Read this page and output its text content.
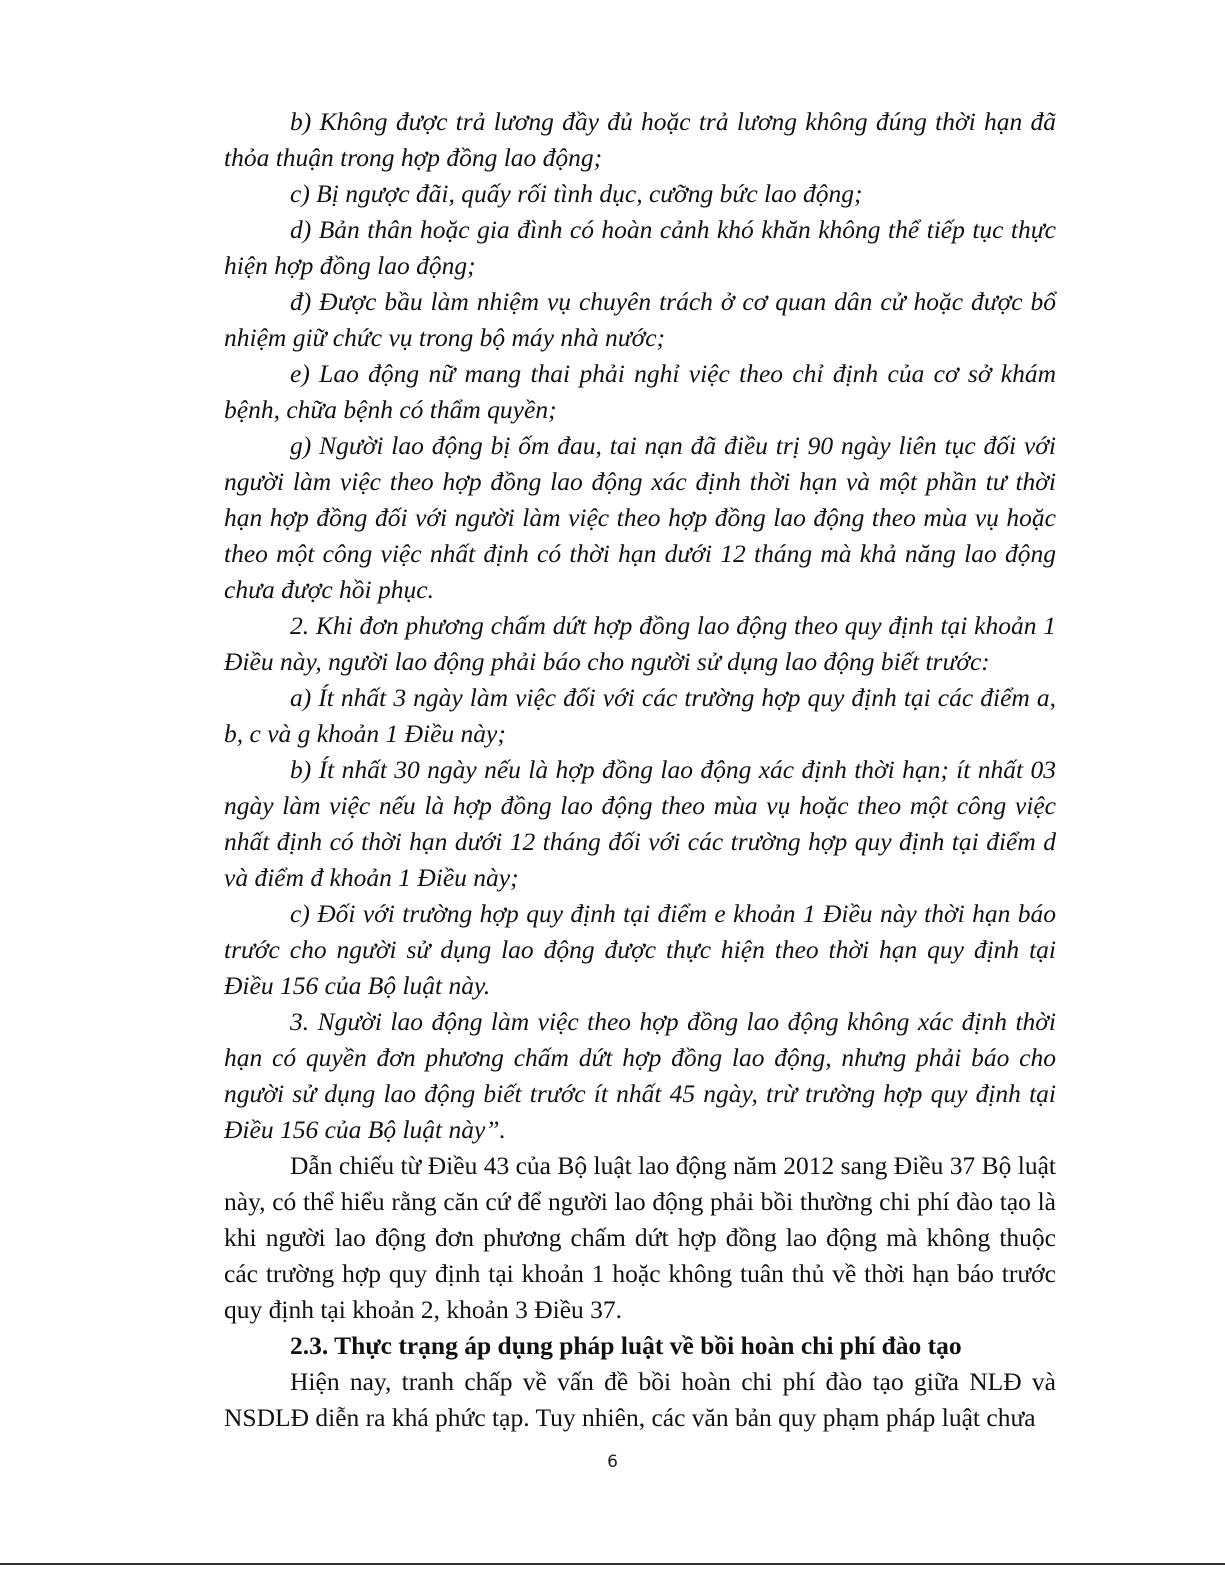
b) Không được trả lương đầy đủ hoặc trả lương không đúng thời hạn đã thỏa thuận trong hợp đồng lao động;

c) Bị ngược đãi, quấy rối tình dục, cưỡng bức lao động;

d) Bản thân hoặc gia đình có hoàn cảnh khó khăn không thể tiếp tục thực hiện hợp đồng lao động;

đ) Được bầu làm nhiệm vụ chuyên trách ở cơ quan dân cử hoặc được bổ nhiệm giữ chức vụ trong bộ máy nhà nước;

e) Lao động nữ mang thai phải nghỉ việc theo chỉ định của cơ sở khám bệnh, chữa bệnh có thẩm quyền;

g) Người lao động bị ốm đau, tai nạn đã điều trị 90 ngày liên tục đối với người làm việc theo hợp đồng lao động xác định thời hạn và một phần tư thời hạn hợp đồng đối với người làm việc theo hợp đồng lao động theo mùa vụ hoặc theo một công việc nhất định có thời hạn dưới 12 tháng mà khả năng lao động chưa được hồi phục.

2. Khi đơn phương chấm dứt hợp đồng lao động theo quy định tại khoản 1 Điều này, người lao động phải báo cho người sử dụng lao động biết trước:

a) Ít nhất 3 ngày làm việc đối với các trường hợp quy định tại các điểm a, b, c và g khoản 1 Điều này;

b) Ít nhất 30 ngày nếu là hợp đồng lao động xác định thời hạn; ít nhất 03 ngày làm việc nếu là hợp đồng lao động theo mùa vụ hoặc theo một công việc nhất định có thời hạn dưới 12 tháng đối với các trường hợp quy định tại điểm d và điểm đ khoản 1 Điều này;

c) Đối với trường hợp quy định tại điểm e khoản 1 Điều này thời hạn báo trước cho người sử dụng lao động được thực hiện theo thời hạn quy định tại Điều 156 của Bộ luật này.

3. Người lao động làm việc theo hợp đồng lao động không xác định thời hạn có quyền đơn phương chấm dứt hợp đồng lao động, nhưng phải báo cho người sử dụng lao động biết trước ít nhất 45 ngày, trừ trường hợp quy định tại Điều 156 của Bộ luật này”.

Dẫn chiếu từ Điều 43 của Bộ luật lao động năm 2012 sang Điều 37 Bộ luật này, có thể hiểu rằng căn cứ để người lao động phải bồi thường chi phí đào tạo là khi người lao động đơn phương chấm dứt hợp đồng lao động mà không thuộc các trường hợp quy định tại khoản 1 hoặc không tuân thủ về thời hạn báo trước quy định tại khoản 2, khoản 3 Điều 37.

2.3. Thực trạng áp dụng pháp luật về bồi hoàn chi phí đào tạo

Hiện nay, tranh chấp về vấn đề bồi hoàn chi phí đào tạo giữa NLĐ và NSDLĐ diễn ra khá phức tạp. Tuy nhiên, các văn bản quy phạm pháp luật chưa

6
